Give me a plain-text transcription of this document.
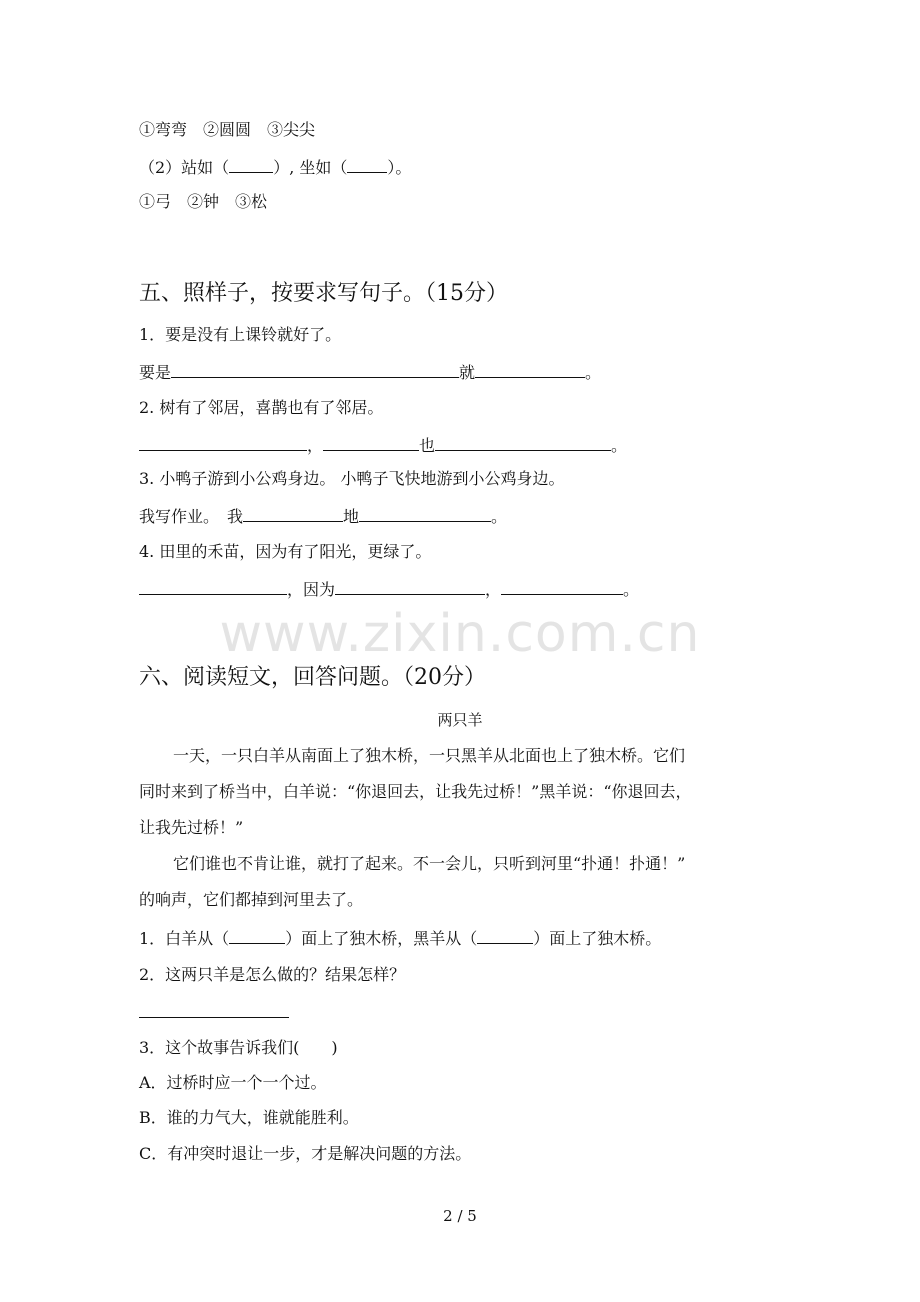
①弯弯　②圆圆　③尖尖
（2）站如（	）, 坐如（	）。
①弓　②钟　③松
五、照样子，按要求写句子。（15分）
1．要是没有上课铃就好了。
要是	就	。
2. 树有了邻居，喜鹊也有了邻居。
，	也	。
3. 小鸭子游到小公鸡身边。 小鸭子飞快地游到小公鸡身边。
我写作业。　我	地	。
4. 田里的禾苗，因为有了阳光，更绿了。
，因为	，	。
www.zixin.com.cn
六、阅读短文，回答问题。（20分）
两只羊
一天，一只白羊从南面上了独木桥，一只黑羊从北面也上了独木桥。它们
同时来到了桥当中，白羊说：“你退回去，让我先过桥！”黑羊说：“你退回去，
让我先过桥！”
它们谁也不肯让谁，就打了起来。不一会儿，只听到河里“扑通！扑通！”
的响声，它们都掉到河里去了。
1．白羊从（	）面上了独木桥，黑羊从（	）面上了独木桥。
2．这两只羊是怎么做的？结果怎样？
3．这个故事告诉我们(　　)
A．过桥时应一个一个过。
B．谁的力气大，谁就能胜利。
C．有冲突时退让一步，才是解决问题的方法。
2 / 5
